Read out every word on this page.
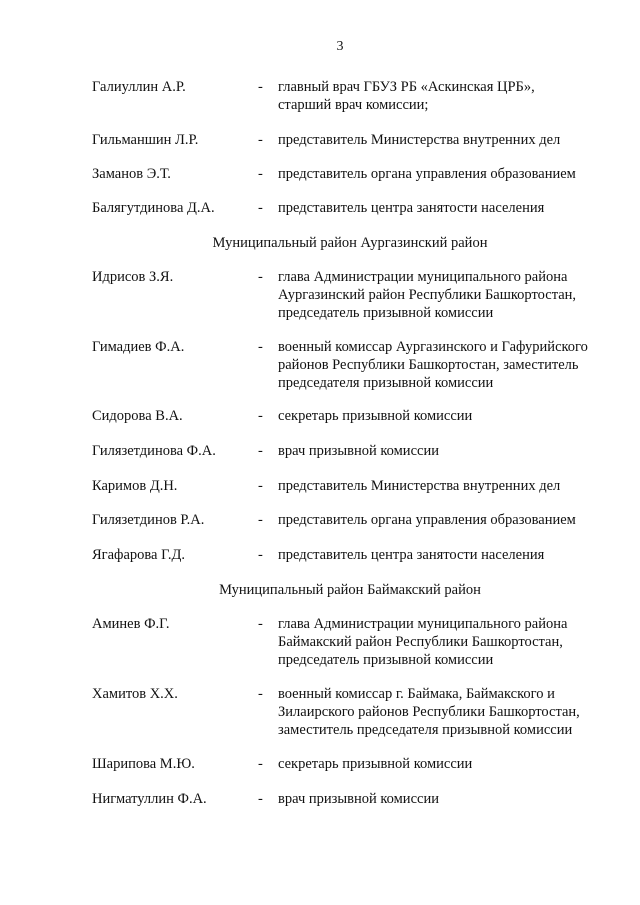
3
Галиуллин А.Р.	- главный врач ГБУЗ РБ «Аскинская ЦРБ»,
старший врач комиссии;
Гильманшин Л.Р.	- представитель Министерства внутренних дел
Заманов Э.Т.	- представитель органа управления образованием
Балягутдинова Д.А.	- представитель центра занятости населения
Муниципальный район Аургазинский район
Идрисов З.Я.	- глава Администрации муниципального района
Аургазинский район Республики Башкортостан,
председатель призывной комиссии
Гимадиев Ф.А.	- военный комиссар Аургазинского и Гафурийского
районов Республики Башкортостан, заместитель
председателя призывной комиссии
Сидорова В.А.	- секретарь призывной комиссии
Гилязетдинова Ф.А.	- врач призывной комиссии
Каримов Д.Н.	- представитель Министерства внутренних дел
Гилязетдинов Р.А.	- представитель органа управления образованием
Ягафарова Г.Д.	- представитель центра занятости населения
Муниципальный район Баймакский район
Аминев Ф.Г.	- глава Администрации муниципального района
Баймакский район Республики Башкортостан,
председатель призывной комиссии
Хамитов Х.Х.	- военный комиссар г. Баймака, Баймакского и
Зилаирского районов Республики Башкортостан,
заместитель председателя призывной комиссии
Шарипова М.Ю.	- секретарь призывной комиссии
Нигматуллин Ф.А.	- врач призывной комиссии
